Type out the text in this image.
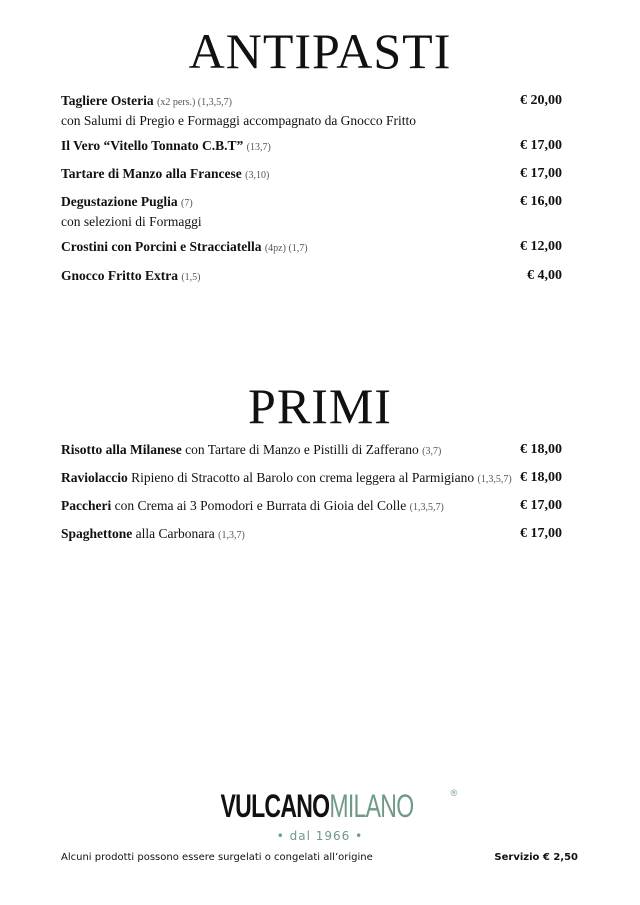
ANTIPASTI
Tagliere Osteria (x2 pers.) (1,3,5,7)	€ 20,00
con Salumi di Pregio e Formaggi accompagnato da Gnocco Fritto
Il Vero “Vitello Tonnato C.B.T” (13,7)	€ 17,00
Tartare di Manzo alla Francese (3,10)	€ 17,00
Degustazione Puglia (7)	€ 16,00
con selezioni di Formaggi
Crostini con Porcini e Stracciatella (4pz) (1,7)	€ 12,00
Gnocco Fritto Extra (1,5)	€ 4,00
PRIMI
Risotto alla Milanese con Tartare di Manzo e Pistilli di Zafferano (3,7)	€ 18,00
Raviolaccio Ripieno di Stracotto al Barolo con crema leggera al Parmigiano (1,3,5,7) € 18,00
Paccheri con Crema ai 3 Pomodori e Burrata di Gioia del Colle (1,3,5,7)	€ 17,00
Spaghettone alla Carbonara (1,3,7)	€ 17,00
VULCANOMILANO	®
• dal 1966 •
Alcuni prodotti possono essere surgelati o congelati all’origine	Servizio € 2,50
